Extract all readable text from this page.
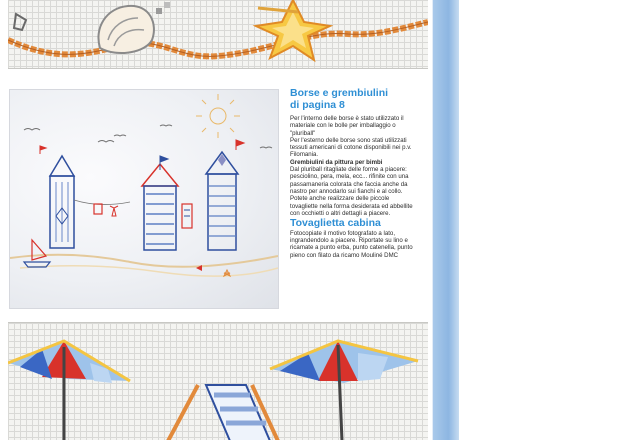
Borse e grembiulini

di pagina 8

Per l'interno delle borse è stato utilizzato il materiale con le bolle per imballaggio o "pluriball"

Per l'esterno delle borse sono stati utilizzati tessuti americani di cotone disponibili nei p.v. Filomania.

Grembiulini da pittura per bimbi

Dal pluriball ritagliate delle forme a piacere: pesciolino, pera, mela, ecc... rifinite con una passamaneria colorata che faccia anche da nastro per annodarlo sui fianchi e al collo. Potete anche realizzare delle piccole tovagliette nella forma desiderata ed abbellite con occhietti o altri dettagli a piacere.

Tovaglietta cabina

Fotocopiate il motivo fotografato a lato, ingrandendolo a piacere. Riportate su lino e ricamate a punto erba, punto catenella, punto pieno con filato da ricamo Mouliné DMC
